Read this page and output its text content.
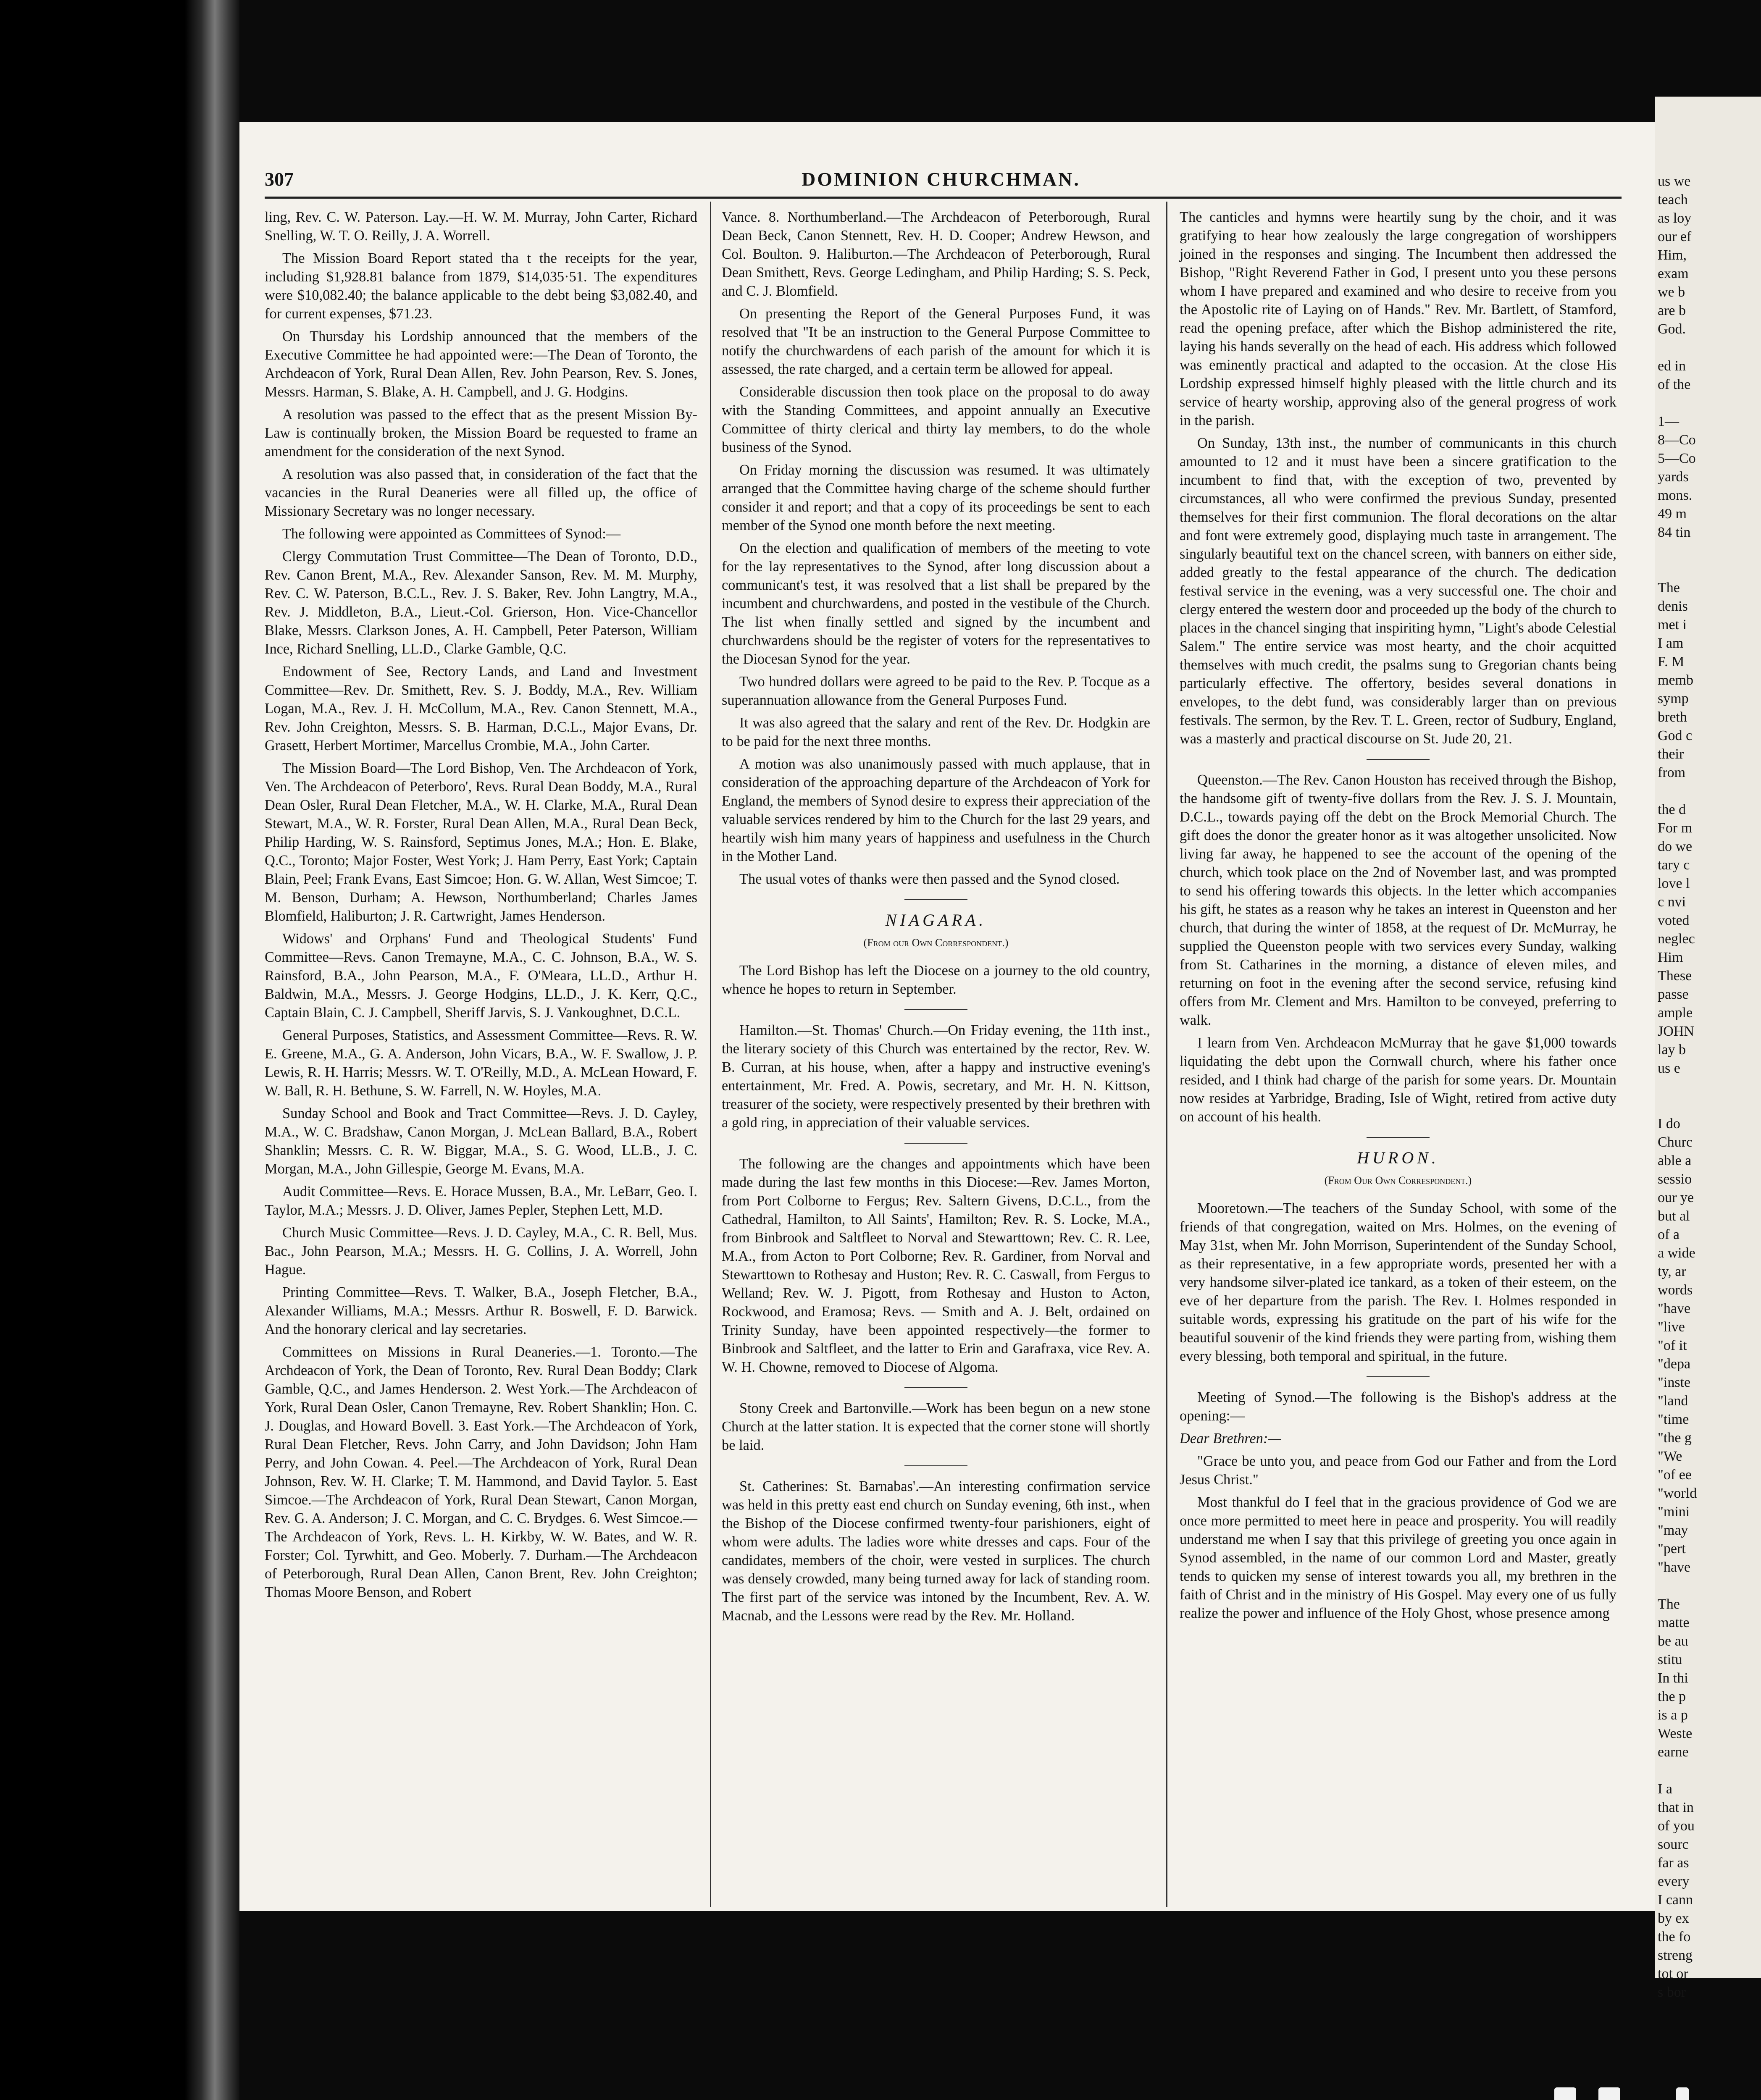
307	DOMINION CHURCHMAN.

ling, Rev. C. W. Paterson. Lay.—H. W. M. Murray, John Carter, Richard Snelling, W. T. O. Reilly, J. A. Worrell.

The Mission Board Report stated tha t the receipts for the year, including $1,928.81 balance from 1879, $14,035·51. The expenditures were $10,082.40; the balance applicable to the debt being $3,082.40, and for current expenses, $71.23.

On Thursday his Lordship announced that the members of the Executive Committee he had appointed were:—The Dean of Toronto, the Archdeacon of York, Rural Dean Allen, Rev. John Pearson, Rev. S. Jones, Messrs. Harman, S. Blake, A. H. Campbell, and J. G. Hodgins.

A resolution was passed to the effect that as the present Mission By-Law is continually broken, the Mission Board be requested to frame an amendment for the consideration of the next Synod.

A resolution was also passed that, in consideration of the fact that the vacancies in the Rural Deaneries were all filled up, the office of Missionary Secretary was no longer necessary.

The following were appointed as Committees of Synod:—

Clergy Commutation Trust Committee—The Dean of Toronto, D.D., Rev. Canon Brent, M.A., Rev. Alexander Sanson, Rev. M. M. Murphy, Rev. C. W. Paterson, B.C.L., Rev. J. S. Baker, Rev. John Langtry, M.A., Rev. J. Middleton, B.A., Lieut.-Col. Grierson, Hon. Vice-Chancellor Blake, Messrs. Clarkson Jones, A. H. Campbell, Peter Paterson, William Ince, Richard Snelling, LL.D., Clarke Gamble, Q.C.

Endowment of See, Rectory Lands, and Land and Investment Committee—Rev. Dr. Smithett, Rev. S. J. Boddy, M.A., Rev. William Logan, M.A., Rev. J. H. McCollum, M.A., Rev. Canon Stennett, M.A., Rev. John Creighton, Messrs. S. B. Harman, D.C.L., Major Evans, Dr. Grasett, Herbert Mortimer, Marcellus Crombie, M.A., John Carter.

The Mission Board—The Lord Bishop, Ven. The Archdeacon of York, Ven. The Archdeacon of Peterboro', Revs. Rural Dean Boddy, M.A., Rural Dean Osler, Rural Dean Fletcher, M.A., W. H. Clarke, M.A., Rural Dean Stewart, M.A., W. R. Forster, Rural Dean Allen, M.A., Rural Dean Beck, Philip Harding, W. S. Rainsford, Septimus Jones, M.A.; Hon. E. Blake, Q.C., Toronto; Major Foster, West York; J. Ham Perry, East York; Captain Blain, Peel; Frank Evans, East Simcoe; Hon. G. W. Allan, West Simcoe; T. M. Benson, Durham; A. Hewson, Northumberland; Charles James Blomfield, Haliburton; J. R. Cartwright, James Henderson.

Widows' and Orphans' Fund and Theological Students' Fund Committee—Revs. Canon Tremayne, M.A., C. C. Johnson, B.A., W. S. Rainsford, B.A., John Pearson, M.A., F. O'Meara, LL.D., Arthur H. Baldwin, M.A., Messrs. J. George Hodgins, LL.D., J. K. Kerr, Q.C., Captain Blain, C. J. Campbell, Sheriff Jarvis, S. J. Vankoughnet, D.C.L.

General Purposes, Statistics, and Assessment Committee—Revs. R. W. E. Greene, M.A., G. A. Anderson, John Vicars, B.A., W. F. Swallow, J. P. Lewis, R. H. Harris; Messrs. W. T. O'Reilly, M.D., A. McLean Howard, F. W. Ball, R. H. Bethune, S. W. Farrell, N. W. Hoyles, M.A.

Sunday School and Book and Tract Committee—Revs. J. D. Cayley, M.A., W. C. Bradshaw, Canon Morgan, J. McLean Ballard, B.A., Robert Shanklin; Messrs. C. R. W. Biggar, M.A., S. G. Wood, LL.B., J. C. Morgan, M.A., John Gillespie, George M. Evans, M.A.

Audit Committee—Revs. E. Horace Mussen, B.A., Mr. LeBarr, Geo. I. Taylor, M.A.; Messrs. J. D. Oliver, James Pepler, Stephen Lett, M.D.

Church Music Committee—Revs. J. D. Cayley, M.A., C. R. Bell, Mus. Bac., John Pearson, M.A.; Messrs. H. G. Collins, J. A. Worrell, John Hague.

Printing Committee—Revs. T. Walker, B.A., Joseph Fletcher, B.A., Alexander Williams, M.A.; Messrs. Arthur R. Boswell, F. D. Barwick. And the honorary clerical and lay secretaries.

Committees on Missions in Rural Deaneries.—1. Toronto.—The Archdeacon of York, the Dean of Toronto, Rev. Rural Dean Boddy; Clark Gamble, Q.C., and James Henderson. 2. West York.—The Archdeacon of York, Rural Dean Osler, Canon Tremayne, Rev. Robert Shanklin; Hon. C. J. Douglas, and Howard Bovell. 3. East York.—The Archdeacon of York, Rural Dean Fletcher, Revs. John Carry, and John Davidson; John Ham Perry, and John Cowan. 4. Peel.—The Archdeacon of York, Rural Dean Johnson, Rev. W. H. Clarke; T. M. Hammond, and David Taylor. 5. East Simcoe.—The Archdeacon of York, Rural Dean Stewart, Canon Morgan, Rev. G. A. Anderson; J. C. Morgan, and C. C. Brydges. 6. West Simcoe.—The Archdeacon of York, Revs. L. H. Kirkby, W. W. Bates, and W. R. Forster; Col. Tyrwhitt, and Geo. Moberly. 7. Durham.—The Archdeacon of Peterborough, Rural Dean Allen, Canon Brent, Rev. John Creighton; Thomas Moore Benson, and Robert

Vance. 8. Northumberland.—The Archdeacon of Peterborough, Rural Dean Beck, Canon Stennett, Rev. H. D. Cooper; Andrew Hewson, and Col. Boulton. 9. Haliburton.—The Archdeacon of Peterborough, Rural Dean Smithett, Revs. George Ledingham, and Philip Harding; S. S. Peck, and C. J. Blomfield.

On presenting the Report of the General Purposes Fund, it was resolved that "It be an instruction to the General Purpose Committee to notify the churchwardens of each parish of the amount for which it is assessed, the rate charged, and a certain term be allowed for appeal.

Considerable discussion then took place on the proposal to do away with the Standing Committees, and appoint annually an Executive Committee of thirty clerical and thirty lay members, to do the whole business of the Synod.

On Friday morning the discussion was resumed. It was ultimately arranged that the Committee having charge of the scheme should further consider it and report; and that a copy of its proceedings be sent to each member of the Synod one month before the next meeting.

On the election and qualification of members of the meeting to vote for the lay representatives to the Synod, after long discussion about a communicant's test, it was resolved that a list shall be prepared by the incumbent and churchwardens, and posted in the vestibule of the Church. The list when finally settled and signed by the incumbent and churchwardens should be the register of voters for the representatives to the Diocesan Synod for the year.

Two hundred dollars were agreed to be paid to the Rev. P. Tocque as a superannuation allowance from the General Purposes Fund.

It was also agreed that the salary and rent of the Rev. Dr. Hodgkin are to be paid for the next three months.

A motion was also unanimously passed with much applause, that in consideration of the approaching departure of the Archdeacon of York for England, the members of Synod desire to express their appreciation of the valuable services rendered by him to the Church for the last 29 years, and heartily wish him many years of happiness and usefulness in the Church in the Mother Land.

The usual votes of thanks were then passed and the Synod closed.

NIAGARA.

(From our Own Correspondent.)

The Lord Bishop has left the Diocese on a journey to the old country, whence he hopes to return in September.

Hamilton.—St. Thomas' Church.—On Friday evening, the 11th inst., the literary society of this Church was entertained by the rector, Rev. W. B. Curran, at his house, when, after a happy and instructive evening's entertainment, Mr. Fred. A. Powis, secretary, and Mr. H. N. Kittson, treasurer of the society, were respectively presented by their brethren with a gold ring, in appreciation of their valuable services.

The following are the changes and appointments which have been made during the last few months in this Diocese:—Rev. James Morton, from Port Colborne to Fergus; Rev. Saltern Givens, D.C.L., from the Cathedral, Hamilton, to All Saints', Hamilton; Rev. R. S. Locke, M.A., from Binbrook and Saltfleet to Norval and Stewarttown; Rev. C. R. Lee, M.A., from Acton to Port Colborne; Rev. R. Gardiner, from Norval and Stewarttown to Rothesay and Huston; Rev. R. C. Caswall, from Fergus to Welland; Rev. W. J. Pigott, from Rothesay and Huston to Acton, Rockwood, and Eramosa; Revs. — Smith and A. J. Belt, ordained on Trinity Sunday, have been appointed respectively—the former to Binbrook and Saltfleet, and the latter to Erin and Garafraxa, vice Rev. A. W. H. Chowne, removed to Diocese of Algoma.

Stony Creek and Bartonville.—Work has been begun on a new stone Church at the latter station. It is expected that the corner stone will shortly be laid.

St. Catherines: St. Barnabas'.—An interesting confirmation service was held in this pretty east end church on Sunday evening, 6th inst., when the Bishop of the Diocese confirmed twenty-four parishioners, eight of whom were adults. The ladies wore white dresses and caps. Four of the candidates, members of the choir, were vested in surplices. The church was densely crowded, many being turned away for lack of standing room. The first part of the service was intoned by the Incumbent, Rev. A. W. Macnab, and the Lessons were read by the Rev. Mr. Holland.

The canticles and hymns were heartily sung by the choir, and it was gratifying to hear how zealously the large congregation of worshippers joined in the responses and singing. The Incumbent then addressed the Bishop, "Right Reverend Father in God, I present unto you these persons whom I have prepared and examined and who desire to receive from you the Apostolic rite of Laying on of Hands." Rev. Mr. Bartlett, of Stamford, read the opening preface, after which the Bishop administered the rite, laying his hands severally on the head of each. His address which followed was eminently practical and adapted to the occasion. At the close His Lordship expressed himself highly pleased with the little church and its service of hearty worship, approving also of the general progress of work in the parish.

On Sunday, 13th inst., the number of communicants in this church amounted to 12 and it must have been a sincere gratification to the incumbent to find that, with the exception of two, prevented by circumstances, all who were confirmed the previous Sunday, presented themselves for their first communion. The floral decorations on the altar and font were extremely good, displaying much taste in arrangement. The singularly beautiful text on the chancel screen, with banners on either side, added greatly to the festal appearance of the church. The dedication festival service in the evening, was a very successful one. The choir and clergy entered the western door and proceeded up the body of the church to places in the chancel singing that inspiriting hymn, "Light's abode Celestial Salem." The entire service was most hearty, and the choir acquitted themselves with much credit, the psalms sung to Gregorian chants being particularly effective. The offertory, besides several donations in envelopes, to the debt fund, was considerably larger than on previous festivals. The sermon, by the Rev. T. L. Green, rector of Sudbury, England, was a masterly and practical discourse on St. Jude 20, 21.

Queenston.—The Rev. Canon Houston has received through the Bishop, the handsome gift of twenty-five dollars from the Rev. J. S. J. Mountain, D.C.L., towards paying off the debt on the Brock Memorial Church. The gift does the donor the greater honor as it was altogether unsolicited. Now living far away, he happened to see the account of the opening of the church, which took place on the 2nd of November last, and was prompted to send his offering towards this objects. In the letter which accompanies his gift, he states as a reason why he takes an interest in Queenston and her church, that during the winter of 1858, at the request of Dr. McMurray, he supplied the Queenston people with two services every Sunday, walking from St. Catharines in the morning, a distance of eleven miles, and returning on foot in the evening after the second service, refusing kind offers from Mr. Clement and Mrs. Hamilton to be conveyed, preferring to walk.

I learn from Ven. Archdeacon McMurray that he gave $1,000 towards liquidating the debt upon the Cornwall church, where his father once resided, and I think had charge of the parish for some years. Dr. Mountain now resides at Yarbridge, Brading, Isle of Wight, retired from active duty on account of his health.

HURON.

(From Our Own Correspondent.)

Mooretown.—The teachers of the Sunday School, with some of the friends of that congregation, waited on Mrs. Holmes, on the evening of May 31st, when Mr. John Morrison, Superintendent of the Sunday School, as their representative, in a few appropriate words, presented her with a very handsome silver-plated ice tankard, as a token of their esteem, on the eve of her departure from the parish. The Rev. I. Holmes responded in suitable words, expressing his gratitude on the part of his wife for the beautiful souvenir of the kind friends they were parting from, wishing them every blessing, both temporal and spiritual, in the future.

Meeting of Synod.—The following is the Bishop's address at the opening:—

Dear Brethren:—

"Grace be unto you, and peace from God our Father and from the Lord Jesus Christ."

Most thankful do I feel that in the gracious providence of God we are once more permitted to meet here in peace and prosperity. You will readily understand me when I say that this privilege of greeting you once again in Synod assembled, in the name of our common Lord and Master, greatly tends to quicken my sense of interest towards you all, my brethren in the faith of Christ and in the ministry of His Gospel. May every one of us fully realize the power and influence of the Holy Ghost, whose presence among

us we
teach
as loy
our ef
Him,
exam
we b
are b
God.
ed in
of the
1—
8—Co
5—Co
yards
mons.
49 m
84 tin
The
denis
met i
I am
F. M
memb
symp
breth
God c
their
from
the d
For m
do we
tary c
love l
c nvi
voted
neglec
Him
These
passe
ample
JOHN
lay b
us e
I do
Churc
able a
sessio
our ye
but al
of a
a wide
ty, ar
words
"have
"live
"of it
"depa
"inste
"land
"time
"the g
"We
"of ee
"world
"mini
"may
"pert
"have
The
matte
be au
stitu
In thi
the p
is a p
Weste
earne
I a
that in
of you
sourc
far as
every
I cann
by ex
the fo
streng
tot or
s bor
